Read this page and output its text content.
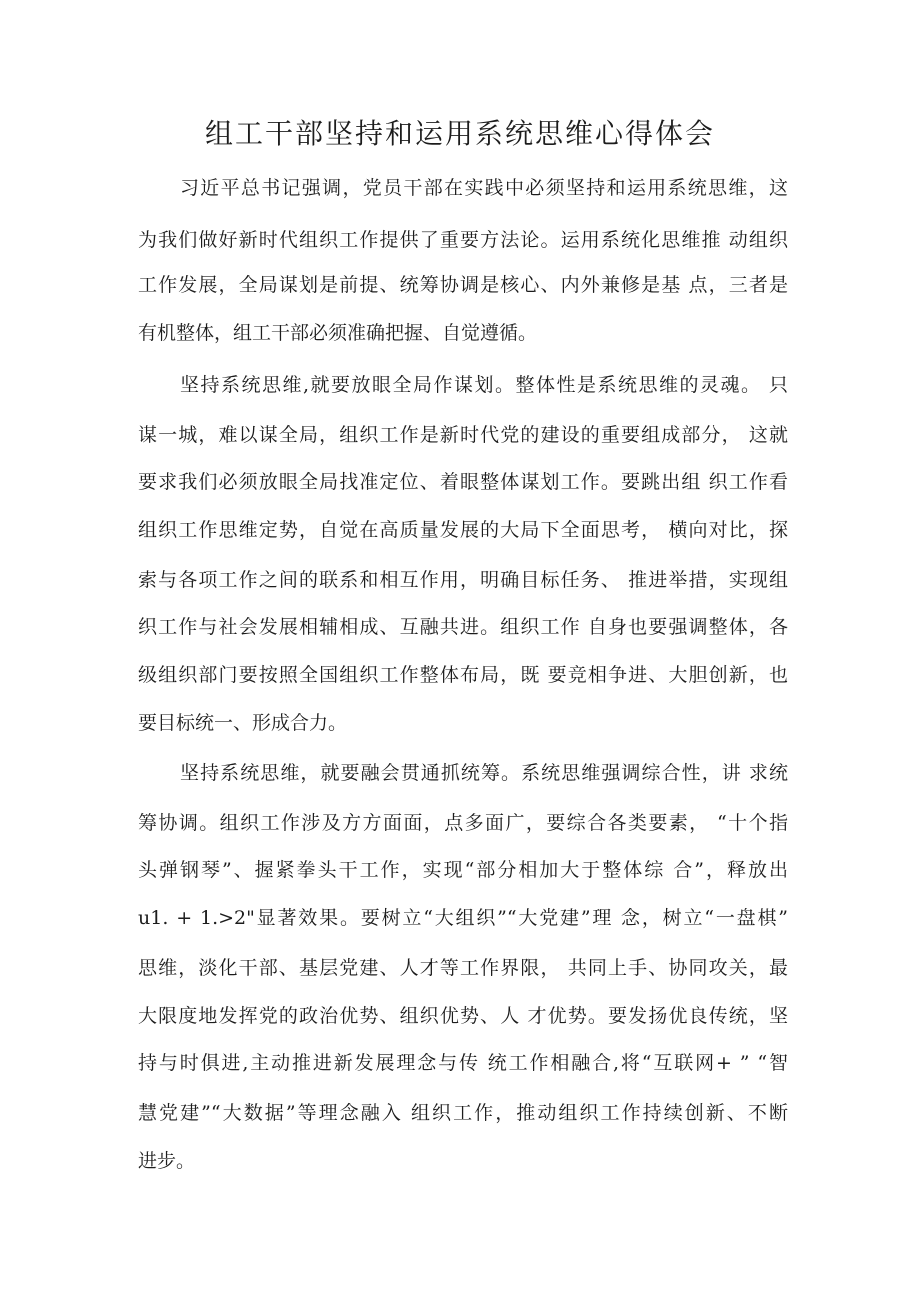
组工干部坚持和运用系统思维心得体会
习近平总书记强调，党员干部在实践中必须坚持和运用系统思维，这
为我们做好新时代组织工作提供了重要方法论。运用系统化思维推 动组织
工作发展，全局谋划是前提、统筹协调是核心、内外兼修是基 点，三者是
有机整体，组工干部必须准确把握、自觉遵循。
坚持系统思维,就要放眼全局作谋划。整体性是系统思维的灵魂。 只
谋一城，难以谋全局，组织工作是新时代党的建设的重要组成部分， 这就
要求我们必须放眼全局找准定位、着眼整体谋划工作。要跳出组 织工作看
组织工作思维定势，自觉在高质量发展的大局下全面思考， 横向对比，探
索与各项工作之间的联系和相互作用，明确目标任务、 推进举措，实现组
织工作与社会发展相辅相成、互融共进。组织工作 自身也要强调整体，各
级组织部门要按照全国组织工作整体布局，既 要竞相争进、大胆创新，也
要目标统一、形成合力。
坚持系统思维，就要融会贯通抓统筹。系统思维强调综合性，讲 求统
筹协调。组织工作涉及方方面面，点多面广，要综合各类要素， “十个指
头弹钢琴”、握紧拳头干工作，实现“部分相加大于整体综 合”，释放出
u1. + 1.>2"显著效果。要树立“大组织”“大党建”理 念，树立“一盘棋”
思维，淡化干部、基层党建、人才等工作界限， 共同上手、协同攻关，最
大限度地发挥党的政治优势、组织优势、人 才优势。要发扬优良传统，坚
持与时俱进,主动推进新发展理念与传 统工作相融合,将“互联网+ ” “智
慧党建”“大数据”等理念融入 组织工作，推动组织工作持续创新、不断
进步。
